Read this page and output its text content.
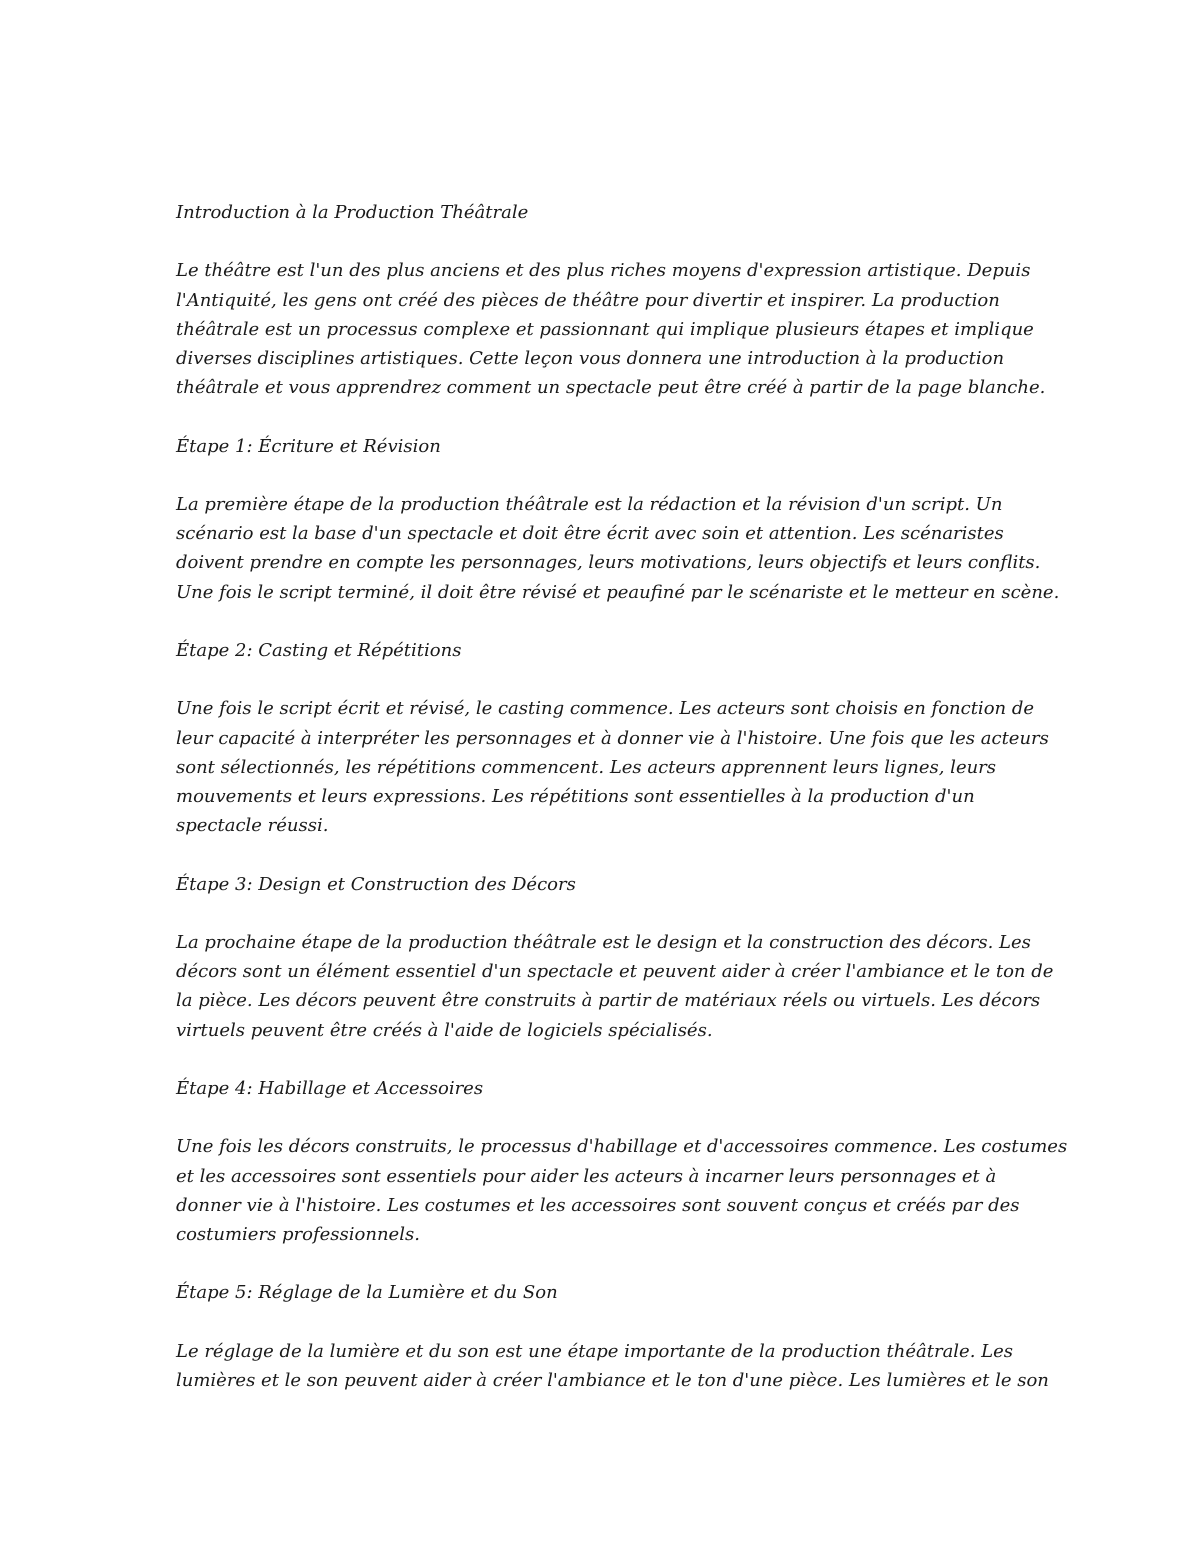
Introduction à la Production Théâtrale

Le théâtre est l'un des plus anciens et des plus riches moyens d'expression artistique. Depuis
l'Antiquité, les gens ont créé des pièces de théâtre pour divertir et inspirer. La production
théâtrale est un processus complexe et passionnant qui implique plusieurs étapes et implique
diverses disciplines artistiques. Cette leçon vous donnera une introduction à la production
théâtrale et vous apprendrez comment un spectacle peut être créé à partir de la page blanche.

Étape 1: Écriture et Révision

La première étape de la production théâtrale est la rédaction et la révision d'un script. Un
scénario est la base d'un spectacle et doit être écrit avec soin et attention. Les scénaristes
doivent prendre en compte les personnages, leurs motivations, leurs objectifs et leurs conflits.
Une fois le script terminé, il doit être révisé et peaufiné par le scénariste et le metteur en scène.

Étape 2: Casting et Répétitions

Une fois le script écrit et révisé, le casting commence. Les acteurs sont choisis en fonction de
leur capacité à interpréter les personnages et à donner vie à l'histoire. Une fois que les acteurs
sont sélectionnés, les répétitions commencent. Les acteurs apprennent leurs lignes, leurs
mouvements et leurs expressions. Les répétitions sont essentielles à la production d'un
spectacle réussi.

Étape 3: Design et Construction des Décors

La prochaine étape de la production théâtrale est le design et la construction des décors. Les
décors sont un élément essentiel d'un spectacle et peuvent aider à créer l'ambiance et le ton de
la pièce. Les décors peuvent être construits à partir de matériaux réels ou virtuels. Les décors
virtuels peuvent être créés à l'aide de logiciels spécialisés.

Étape 4: Habillage et Accessoires

Une fois les décors construits, le processus d'habillage et d'accessoires commence. Les costumes
et les accessoires sont essentiels pour aider les acteurs à incarner leurs personnages et à
donner vie à l'histoire. Les costumes et les accessoires sont souvent conçus et créés par des
costumiers professionnels.

Étape 5: Réglage de la Lumière et du Son

Le réglage de la lumière et du son est une étape importante de la production théâtrale. Les
lumières et le son peuvent aider à créer l'ambiance et le ton d'une pièce. Les lumières et le son
